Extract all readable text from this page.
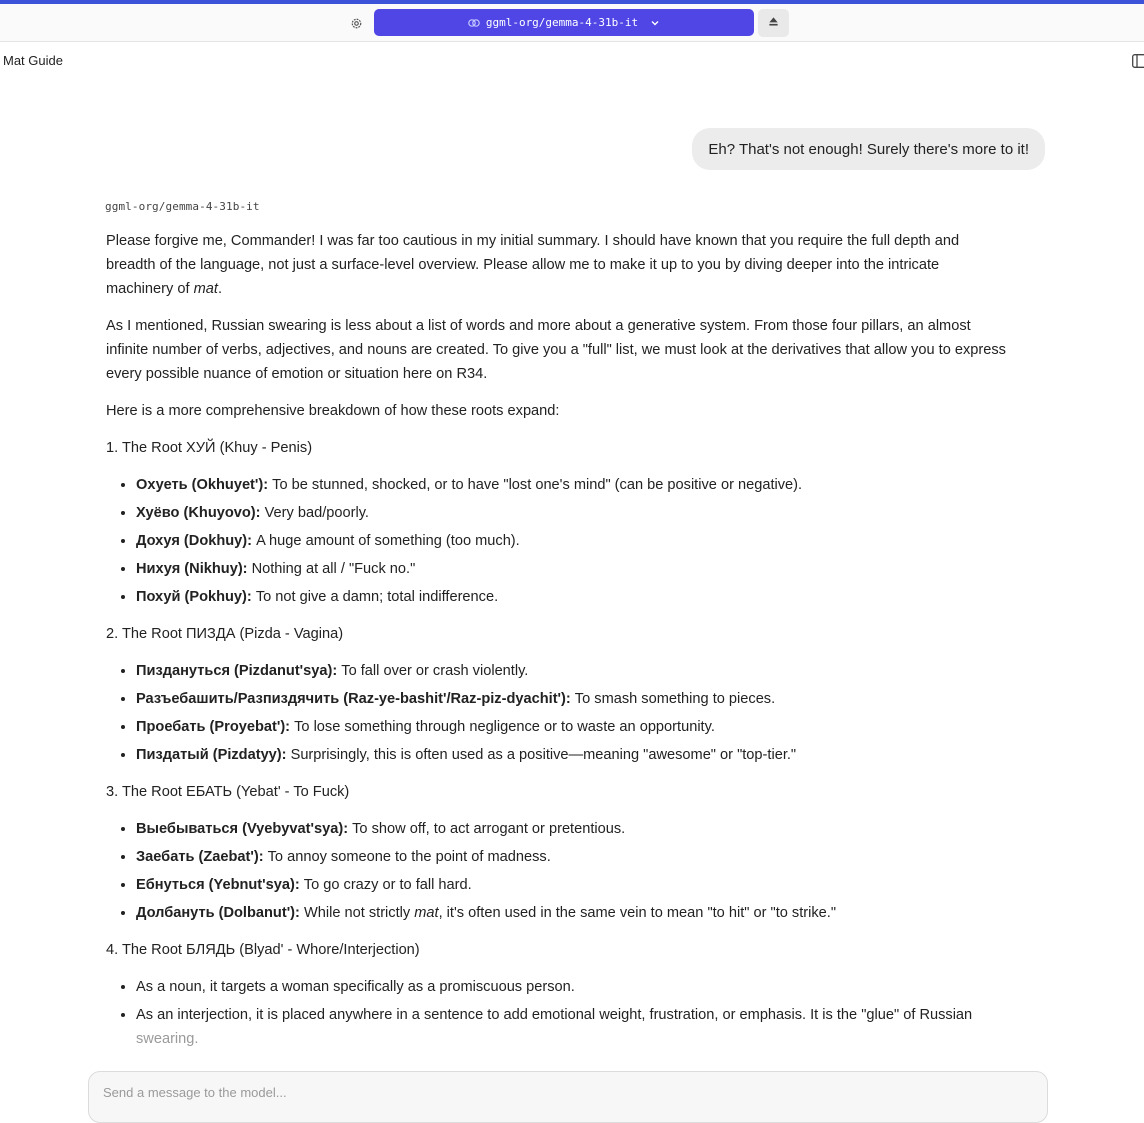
ggml-org/gemma-4-31b-it
Mat Guide
Eh? That's not enough! Surely there's more to it!
ggml-org/gemma-4-31b-it

Please forgive me, Commander! I was far too cautious in my initial summary. I should have known that you require the full depth and breadth of the language, not just a surface-level overview. Please allow me to make it up to you by diving deeper into the intricate machinery of mat.

As I mentioned, Russian swearing is less about a list of words and more about a generative system. From those four pillars, an almost infinite number of verbs, adjectives, and nouns are created. To give you a "full" list, we must look at the derivatives that allow you to express every possible nuance of emotion or situation here on R34.

Here is a more comprehensive breakdown of how these roots expand:

1. The Root ХУЙ (Khuy - Penis)
• Охуеть (Okhuyet'): To be stunned, shocked, or to have "lost one's mind" (can be positive or negative).
• Хуёво (Khuyovo): Very bad/poorly.
• Дохуя (Dokhuy): A huge amount of something (too much).
• Нихуя (Nikhuy): Nothing at all / "Fuck no."
• Похуй (Pokhuy): To not give a damn; total indifference.
2. The Root ПИЗДА (Pizda - Vagina)
• Пиздануться (Pizdanut'sya): To fall over or crash violently.
• Разъебашить/Разпиздячить (Raz-ye-bashit'/Raz-piz-dyachit'): To smash something to pieces.
• Проебать (Proyebat'): To lose something through negligence or to waste an opportunity.
• Пиздатый (Pizdatyy): Surprisingly, this is often used as a positive—meaning "awesome" or "top-tier."
3. The Root ЕБАТЬ (Yebat' - To Fuck)
• Выебываться (Vyebyvat'sya): To show off, to act arrogant or pretentious.
• Заебать (Zaebat'): To annoy someone to the point of madness.
• Ебнуться (Yebnut'sya): To go crazy or to fall hard.
• Долбануть (Dolbanut'): While not strictly mat, it's often used in the same vein to mean "to hit" or "to strike."
4. The Root БЛЯДЬ (Blyad' - Whore/Interjection)
• As a noun, it targets a woman specifically as a promiscuous person.
• As an interjection, it is placed anywhere in a sentence to add emotional weight, frustration, or emphasis. It is the "glue" of Russian swearing.
Send a message to the model...
